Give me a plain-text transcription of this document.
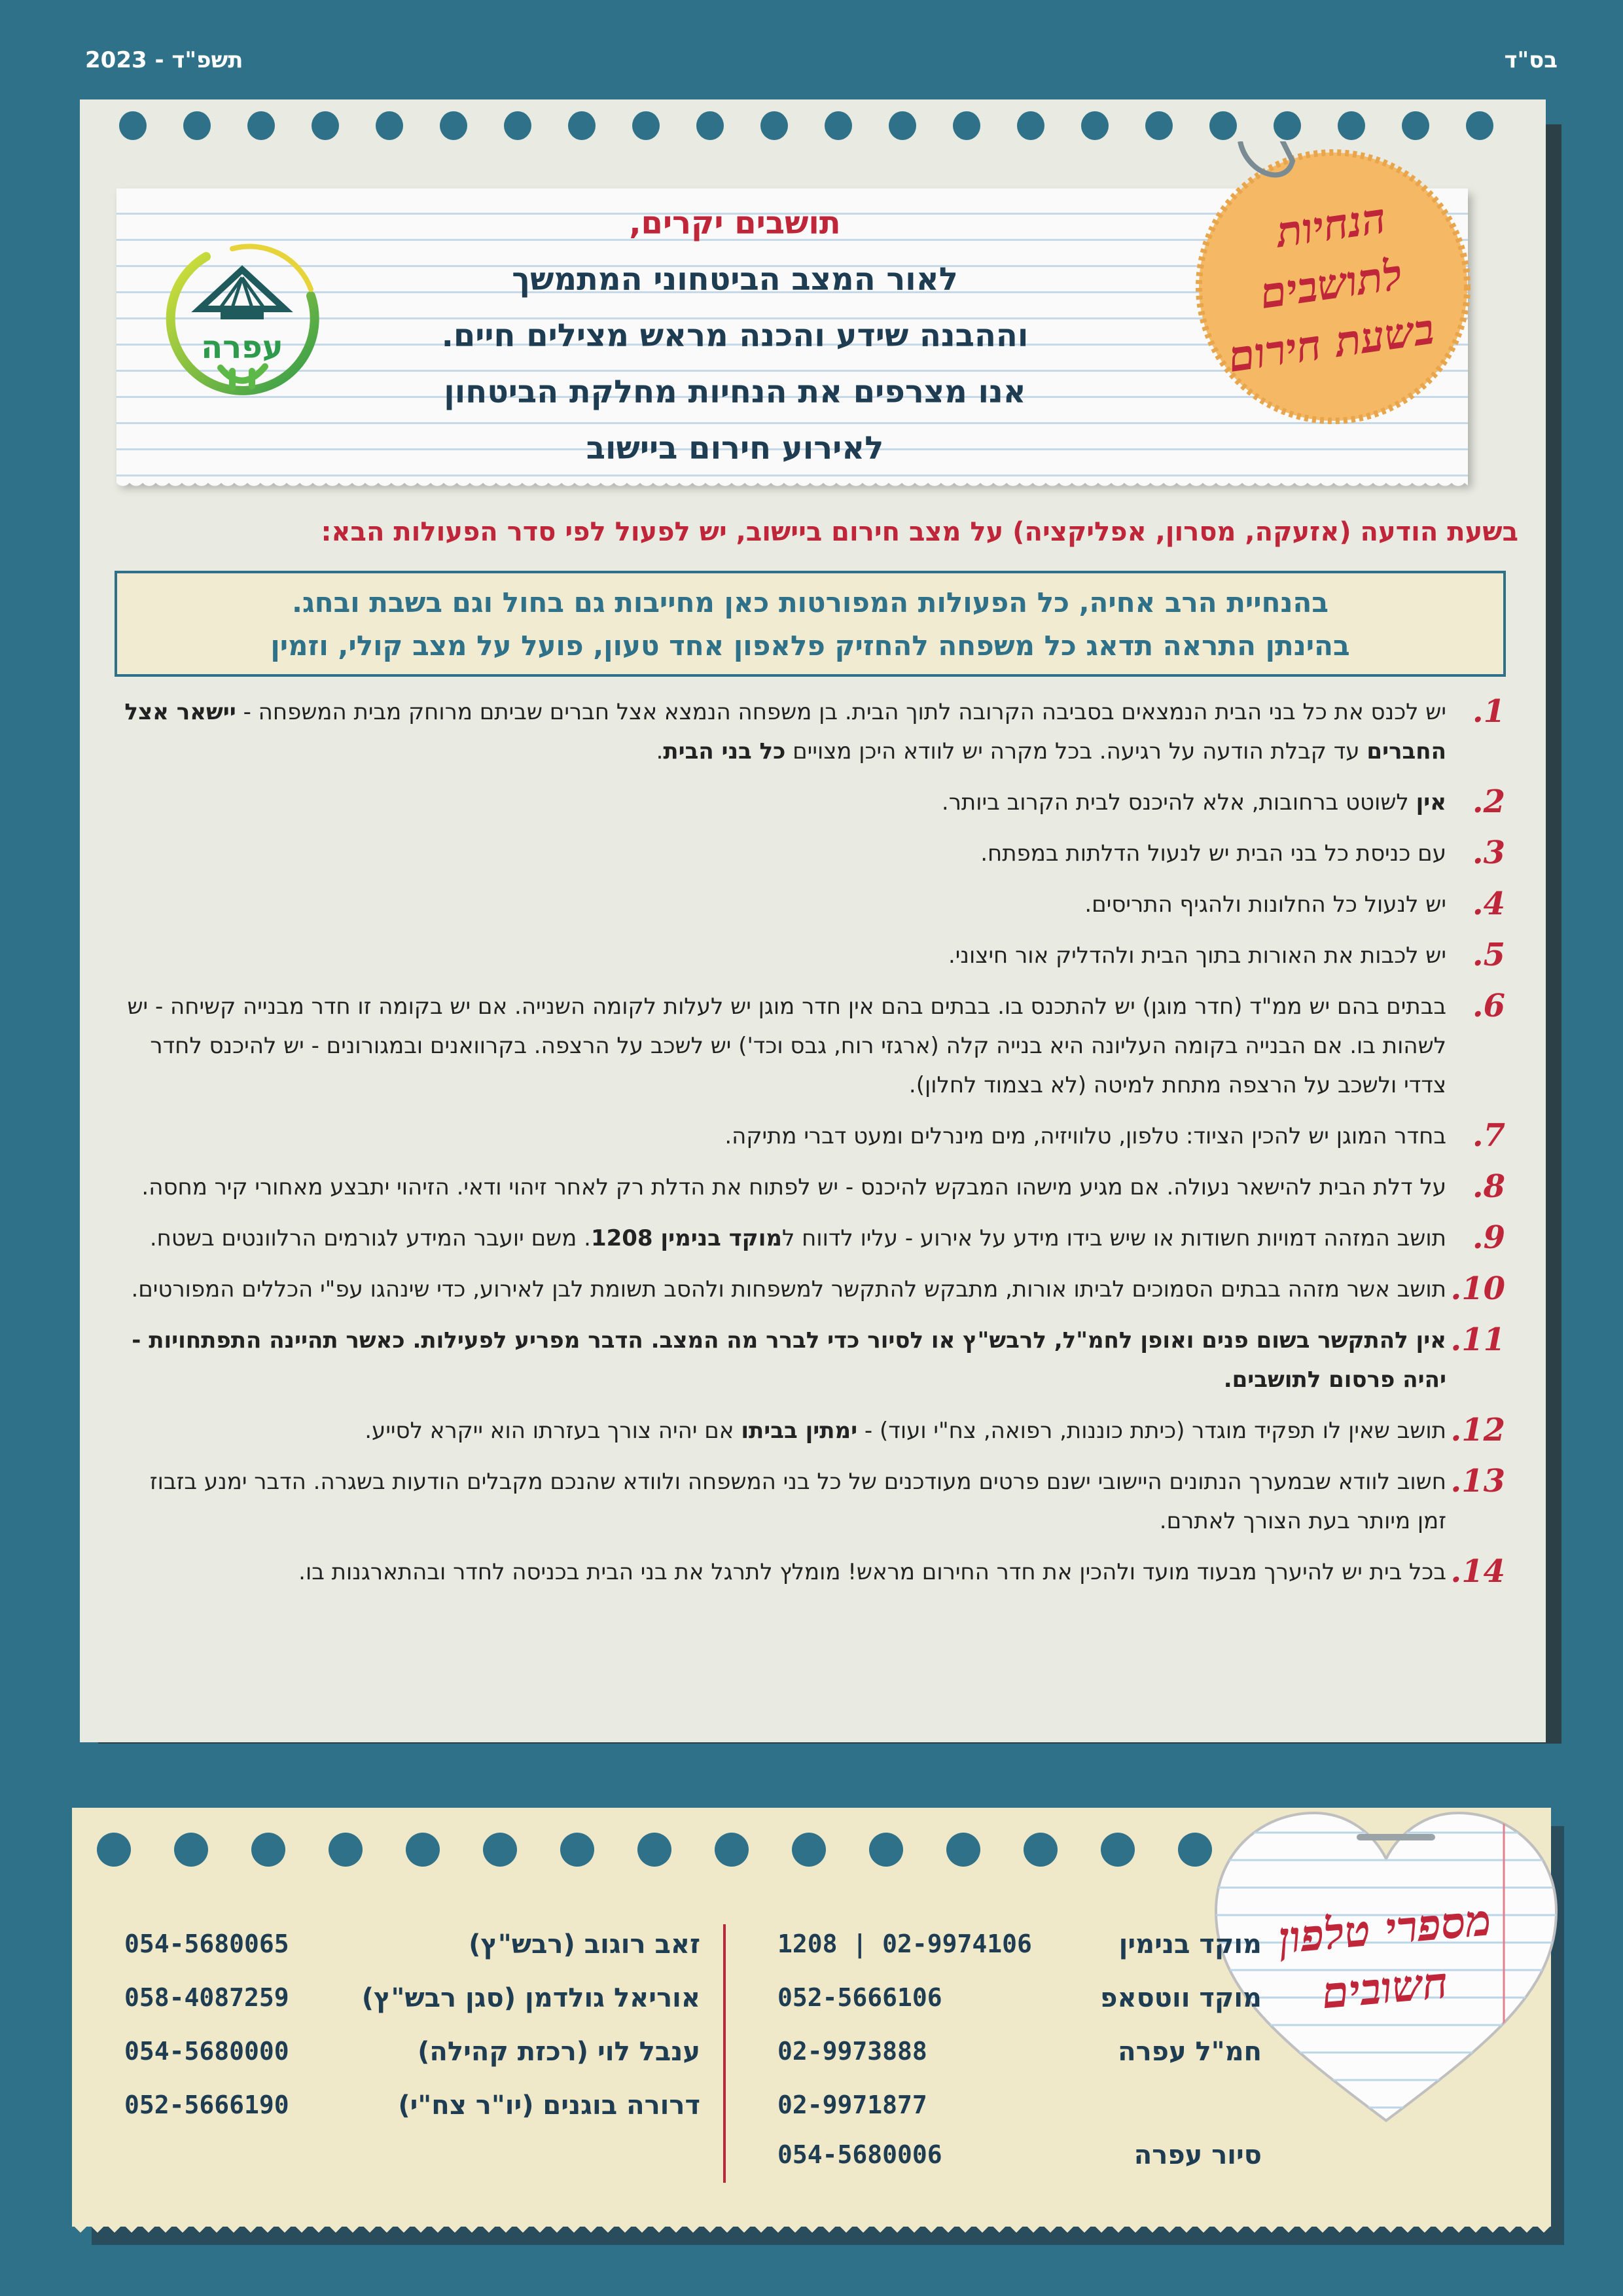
בס"ד
תשפ"ד - 2023
תושבים יקרים,
לאור המצב הביטחוני המתמשך
וההבנה שידע והכנה מראש מצילים חיים.
אנו מצרפים את הנחיות מחלקת הביטחון
לאירוע חירום ביישוב
עפרה
הנחיות
לתושבים
בשעת חירום
בשעת הודעה (אזעקה, מסרון, אפליקציה) על מצב חירום ביישוב, יש לפעול לפי סדר הפעולות הבא:
בהנחיית הרב אחיה, כל הפעולות המפורטות כאן מחייבות גם בחול וגם בשבת ובחג.
בהינתן התראה תדאג כל משפחה להחזיק פלאפון אחד טעון, פועל על מצב קולי, וזמין
1.
יש לכנס את כל בני הבית הנמצאים בסביבה הקרובה לתוך הבית. בן משפחה הנמצא אצל חברים שביתם מרוחק מבית המשפחה - יישאר אצל החברים עד קבלת הודעה על רגיעה. בכל מקרה יש לוודא היכן מצויים כל בני הבית.
2.
אין לשוטט ברחובות, אלא להיכנס לבית הקרוב ביותר.
3.
עם כניסת כל בני הבית יש לנעול הדלתות במפתח.
4.
יש לנעול כל החלונות ולהגיף התריסים.
5.
יש לכבות את האורות בתוך הבית ולהדליק אור חיצוני.
6.
בבתים בהם יש ממ"ד (חדר מוגן) יש להתכנס בו. בבתים בהם אין חדר מוגן יש לעלות לקומה השנייה. אם יש בקומה זו חדר מבנייה קשיחה - יש לשהות בו. אם הבנייה בקומה העליונה היא בנייה קלה (ארגזי רוח, גבס וכד') יש לשכב על הרצפה. בקרוואנים ובמגורונים - יש להיכנס לחדר צדדי ולשכב על הרצפה מתחת למיטה (לא בצמוד לחלון).
7.
בחדר המוגן יש להכין הציוד: טלפון, טלוויזיה, מים מינרלים ומעט דברי מתיקה.
8.
על דלת הבית להישאר נעולה. אם מגיע מישהו המבקש להיכנס - יש לפתוח את הדלת רק לאחר זיהוי ודאי. הזיהוי יתבצע מאחורי קיר מחסה.
9.
תושב המזהה דמויות חשודות או שיש בידו מידע על אירוע - עליו לדווח למוקד בנימין 1208. משם יועבר המידע לגורמים הרלוונטים בשטח.
10.
תושב אשר מזהה בבתים הסמוכים לביתו אורות, מתבקש להתקשר למשפחות ולהסב תשומת לבן לאירוע, כדי שינהגו עפ"י הכללים המפורטים.
11.
אין להתקשר בשום פנים ואופן לחמ"ל, לרבש"ץ או לסיור כדי לברר מה המצב. הדבר מפריע לפעילות. כאשר תהיינה התפתחויות - יהיה פרסום לתושבים.
12.
תושב שאין לו תפקיד מוגדר (כיתת כוננות, רפואה, צח"י ועוד) - ימתין בביתו אם יהיה צורך בעזרתו הוא ייקרא לסייע.
13.
חשוב לוודא שבמערך הנתונים היישובי ישנם פרטים מעודכנים של כל בני המשפחה ולוודא שהנכם מקבלים הודעות בשגרה. הדבר ימנע בזבוז זמן מיותר בעת הצורך לאתרם.
14.
בכל בית יש להיערך מבעוד מועד ולהכין את חדר החירום מראש! מומלץ לתרגל את בני הבית בכניסה לחדר ובהתארגנות בו.
מספרי טלפון
חשובים
מוקד בנימין
1208 | 02-9974106
מוקד ווטסאפ
052-5666106
חמ"ל עפרה
02-9973888
02-9971877
סיור עפרה
054-5680006
זאב רוגוב (רבש"ץ)
054-5680065
אוריאל גולדמן (סגן רבש"ץ)
058-4087259
ענבל לוי (רכזת קהילה)
054-5680000
דרורה בוגנים (יו"ר צח"י)
052-5666190
